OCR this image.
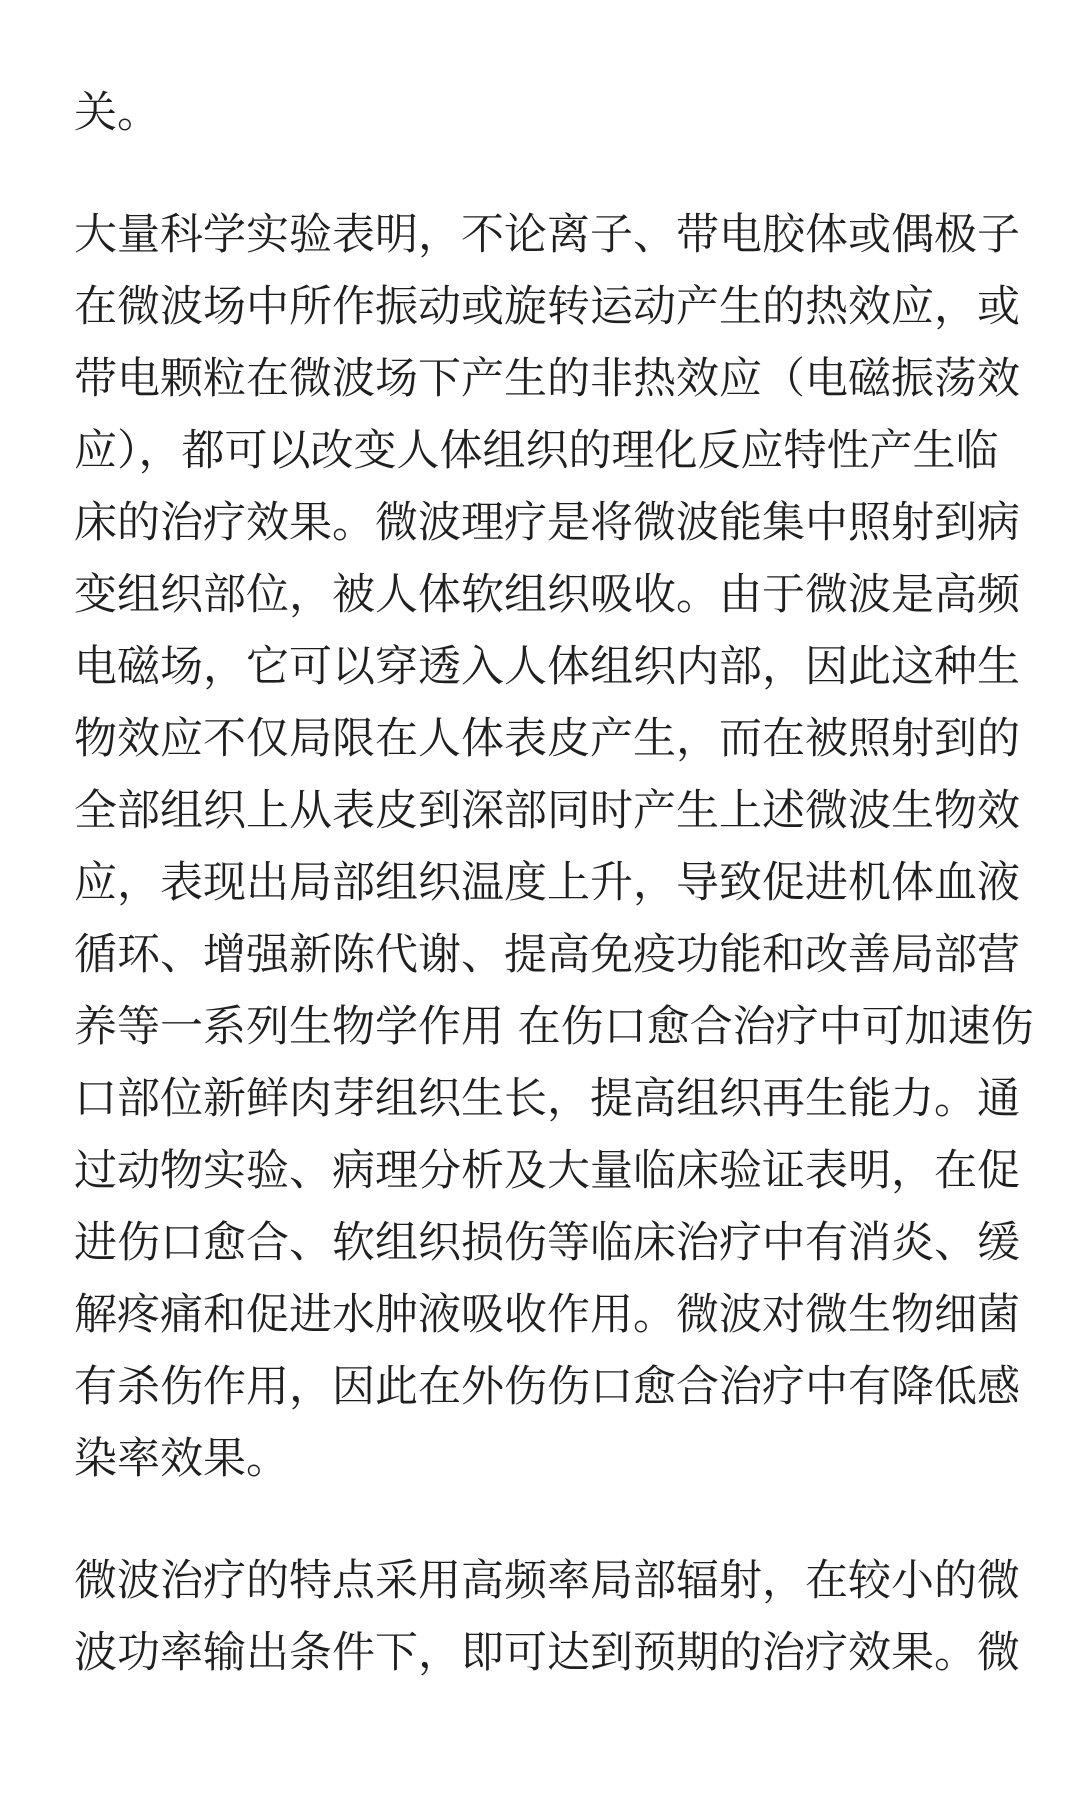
关。

大量科学实验表明，不论离子、带电胶体或偶极子
在微波场中所作振动或旋转运动产生的热效应，或
带电颗粒在微波场下产生的非热效应（电磁振荡效
应），都可以改变人体组织的理化反应特性产生临
床的治疗效果。微波理疗是将微波能集中照射到病
变组织部位，被人体软组织吸收。由于微波是高频
电磁场，它可以穿透入人体组织内部，因此这种生
物效应不仅局限在人体表皮产生，而在被照射到的
全部组织上从表皮到深部同时产生上述微波生物效
应，表现出局部组织温度上升，导致促进机体血液
循环、增强新陈代谢、提高免疫功能和改善局部营
养等一系列生物学作用 在伤口愈合治疗中可加速伤
口部位新鲜肉芽组织生长，提高组织再生能力。通
过动物实验、病理分析及大量临床验证表明，在促
进伤口愈合、软组织损伤等临床治疗中有消炎、缓
解疼痛和促进水肿液吸收作用。微波对微生物细菌
有杀伤作用，因此在外伤伤口愈合治疗中有降低感
染率效果。

微波治疗的特点采用高频率局部辐射，在较小的微
波功率输出条件下，即可达到预期的治疗效果。微
